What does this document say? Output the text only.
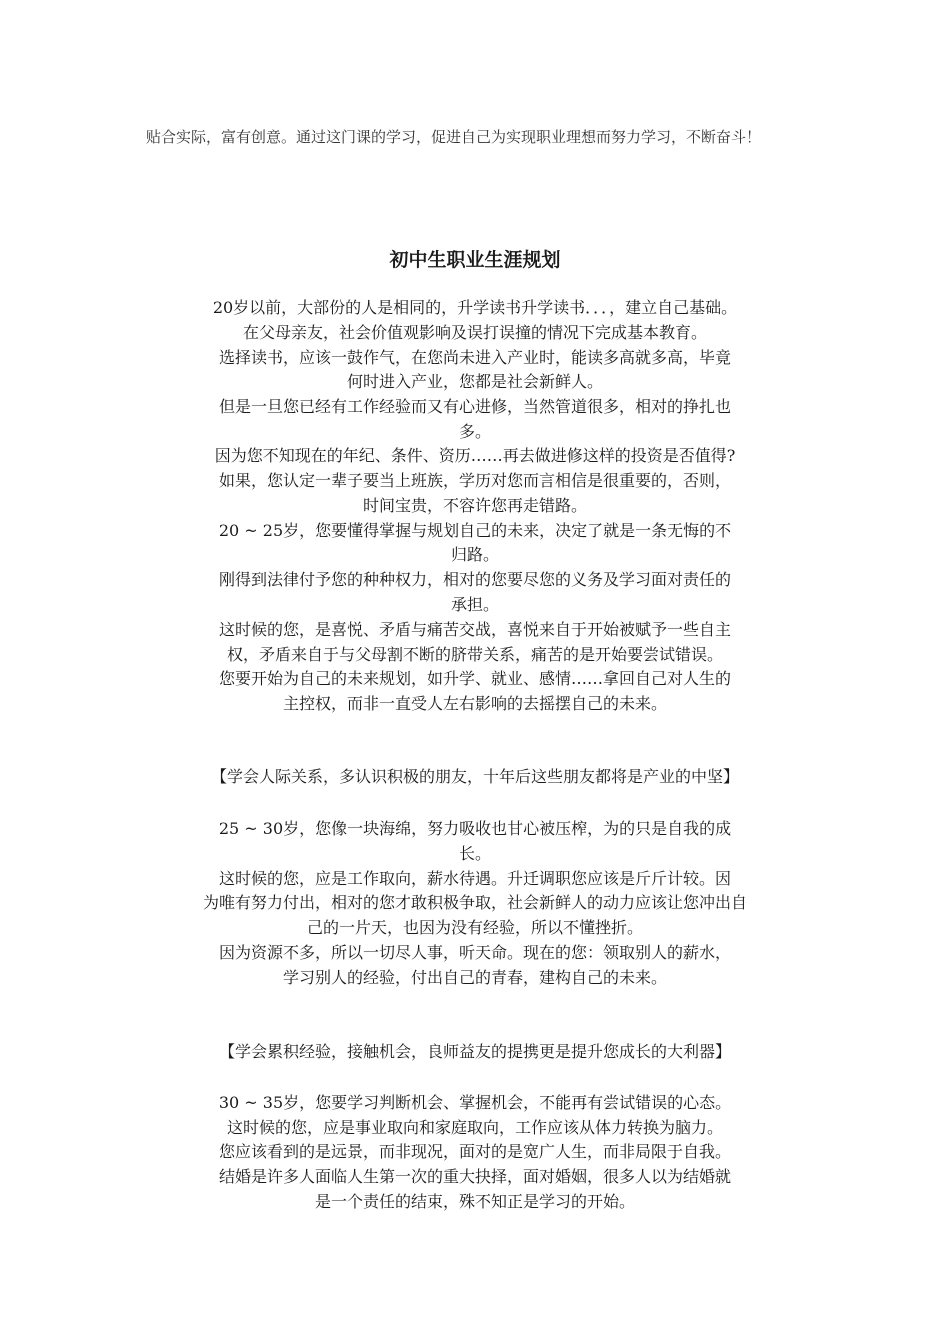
贴合实际，富有创意。通过这门课的学习，促进自己为实现职业理想而努力学习，不断奋斗！
初中生职业生涯规划
20岁以前，大部份的人是相同的，升学读书升学读书．．．，建立自己基础。
在父母亲友，社会价值观影响及误打误撞的情况下完成基本教育。
选择读书，应该一鼓作气，在您尚未进入产业时，能读多高就多高，毕竟
何时进入产业，您都是社会新鲜人。
但是一旦您已经有工作经验而又有心进修，当然管道很多，相对的挣扎也
多。
因为您不知现在的年纪、条件、资历……再去做进修这样的投资是否值得?
如果，您认定一辈子要当上班族，学历对您而言相信是很重要的，否则，
时间宝贵，不容许您再走错路。
20 ~ 25岁，您要懂得掌握与规划自己的未来，决定了就是一条无悔的不
归路。
刚得到法律付予您的种种权力，相对的您要尽您的义务及学习面对责任的
承担。
这时候的您，是喜悦、矛盾与痛苦交战，喜悦来自于开始被赋予一些自主
权，矛盾来自于与父母割不断的脐带关系，痛苦的是开始要尝试错误。
您要开始为自己的未来规划，如升学、就业、感情……拿回自己对人生的
主控权，而非一直受人左右影响的去摇摆自己的未来。
【学会人际关系，多认识积极的朋友，十年后这些朋友都将是产业的中坚】
25 ~ 30岁，您像一块海绵，努力吸收也甘心被压榨，为的只是自我的成
长。
这时候的您，应是工作取向，薪水待遇。升迁调职您应该是斤斤计较。因
为唯有努力付出，相对的您才敢积极争取，社会新鲜人的动力应该让您冲出自
己的一片天，也因为没有经验，所以不懂挫折。
因为资源不多，所以一切尽人事，听天命。现在的您：领取别人的薪水，
学习别人的经验，付出自己的青春，建构自己的未来。
【学会累积经验，接触机会，良师益友的提携更是提升您成长的大利器】
30 ~ 35岁，您要学习判断机会、掌握机会，不能再有尝试错误的心态。
这时候的您，应是事业取向和家庭取向，工作应该从体力转换为脑力。
您应该看到的是远景，而非现况，面对的是宽广人生，而非局限于自我。
结婚是许多人面临人生第一次的重大抉择，面对婚姻，很多人以为结婚就
是一个责任的结束，殊不知正是学习的开始。
